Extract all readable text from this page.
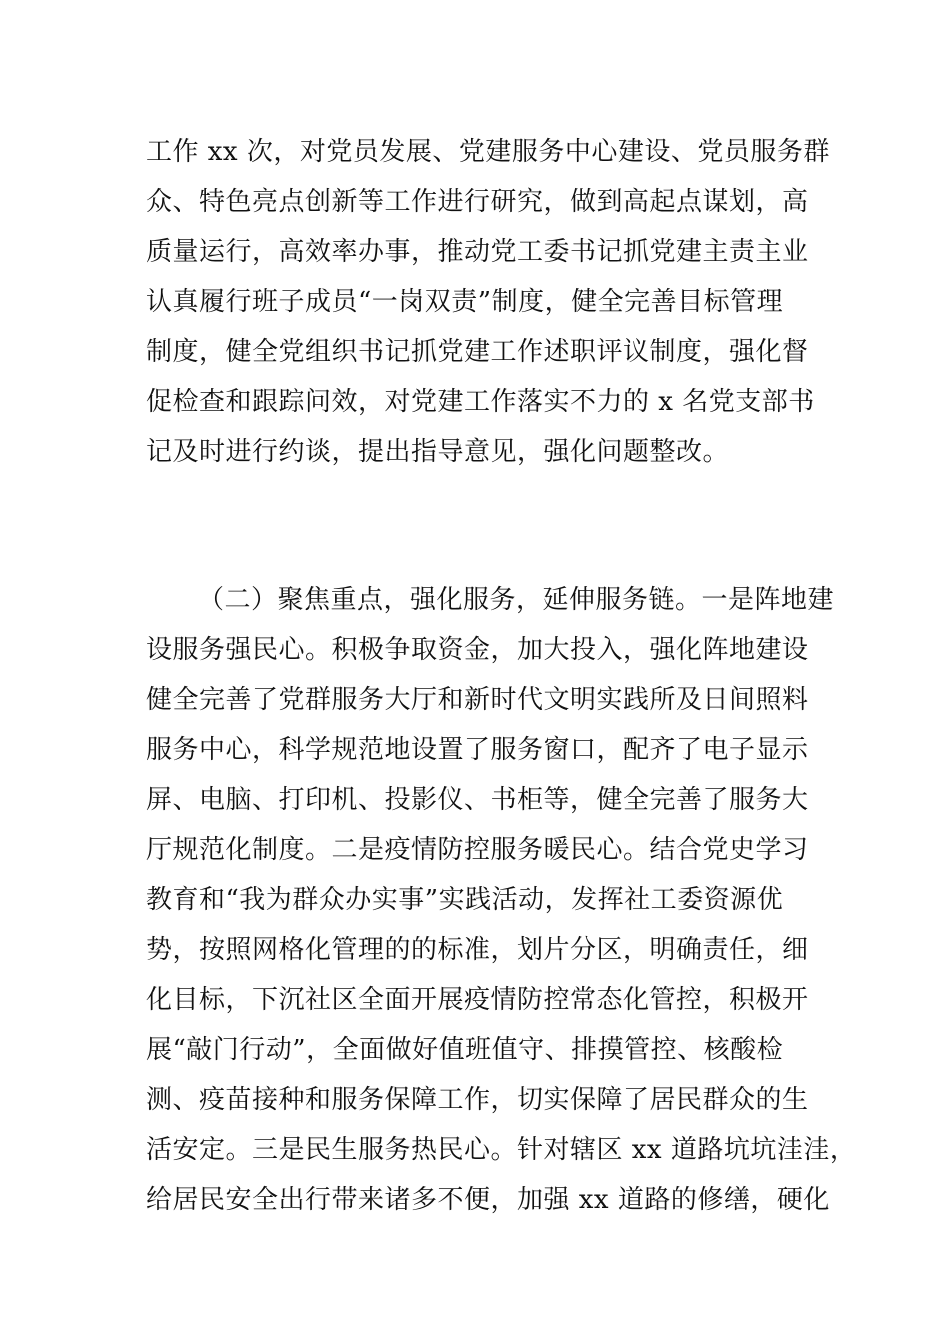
工作 xx 次，对党员发展、党建服务中心建设、党员服务群
众、特色亮点创新等工作进行研究，做到高起点谋划，高
质量运行，高效率办事，推动党工委书记抓党建主责主业
认真履行班子成员“一岗双责”制度，健全完善目标管理
制度，健全党组织书记抓党建工作述职评议制度，强化督
促检查和跟踪问效，对党建工作落实不力的 x 名党支部书
记及时进行约谈，提出指导意见，强化问题整改。
（二）聚焦重点，强化服务，延伸服务链。一是阵地建
设服务强民心。积极争取资金，加大投入，强化阵地建设
健全完善了党群服务大厅和新时代文明实践所及日间照料
服务中心，科学规范地设置了服务窗口，配齐了电子显示
屏、电脑、打印机、投影仪、书柜等，健全完善了服务大
厅规范化制度。二是疫情防控服务暖民心。结合党史学习
教育和“我为群众办实事”实践活动，发挥社工委资源优
势，按照网格化管理的的标准，划片分区，明确责任，细
化目标，下沉社区全面开展疫情防控常态化管控，积极开
展“敲门行动”，全面做好值班值守、排摸管控、核酸检
测、疫苗接种和服务保障工作，切实保障了居民群众的生
活安定。三是民生服务热民心。针对辖区 xx 道路坑坑洼洼，
给居民安全出行带来诸多不便，加强 xx 道路的修缮，硬化
